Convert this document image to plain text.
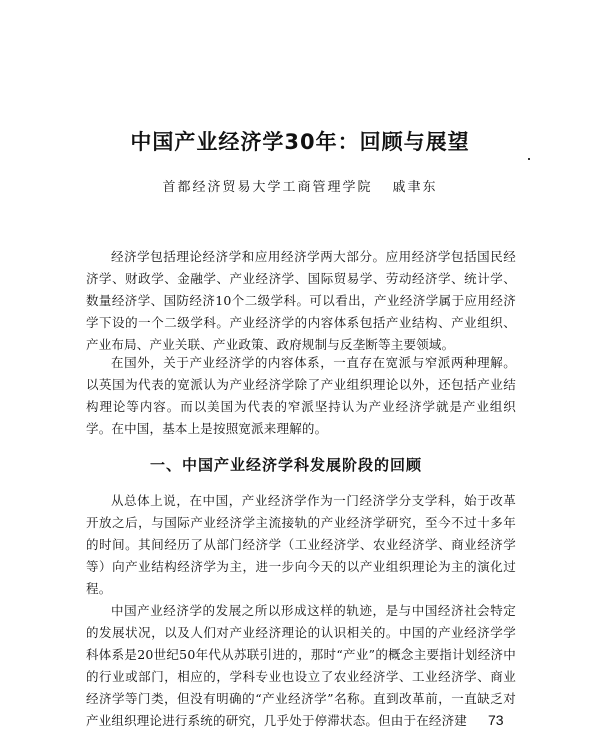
中国产业经济学30年：回顾与展望
首都经济贸易大学工商管理学院 戚聿东
经济学包括理论经济学和应用经济学两大部分。应用经济学包括国民经济学、财政学、金融学、产业经济学、国际贸易学、劳动经济学、统计学、数量经济学、国防经济10个二级学科。可以看出，产业经济学属于应用经济学下设的一个二级学科。产业经济学的内容体系包括产业结构、产业组织、产业布局、产业关联、产业政策、政府规制与反垄断等主要领域。
在国外，关于产业经济学的内容体系，一直存在宽派与窄派两种理解。以英国为代表的宽派认为产业经济学除了产业组织理论以外，还包括产业结构理论等内容。而以美国为代表的窄派坚持认为产业经济学就是产业组织学。在中国，基本上是按照宽派来理解的。
一、中国产业经济学科发展阶段的回顾
从总体上说，在中国，产业经济学作为一门经济学分支学科，始于改革开放之后，与国际产业经济学主流接轨的产业经济学研究，至今不过十多年的时间。其间经历了从部门经济学（工业经济学、农业经济学、商业经济学等）向产业结构经济学为主，进一步向今天的以产业组织理论为主的演化过程。
中国产业经济学的发展之所以形成这样的轨迹，是与中国经济社会特定的发展状况，以及人们对产业经济理论的认识相关的。中国的产业经济学学科体系是20世纪50年代从苏联引进的，那时“产业”的概念主要指计划经济中的行业或部门，相应的，学科专业也设立了农业经济学、工业经济学、商业经济学等门类，但没有明确的“产业经济学”名称。直到改革前，一直缺乏对产业组织理论进行系统的研究，几乎处于停滞状态。但由于在经济建	73
